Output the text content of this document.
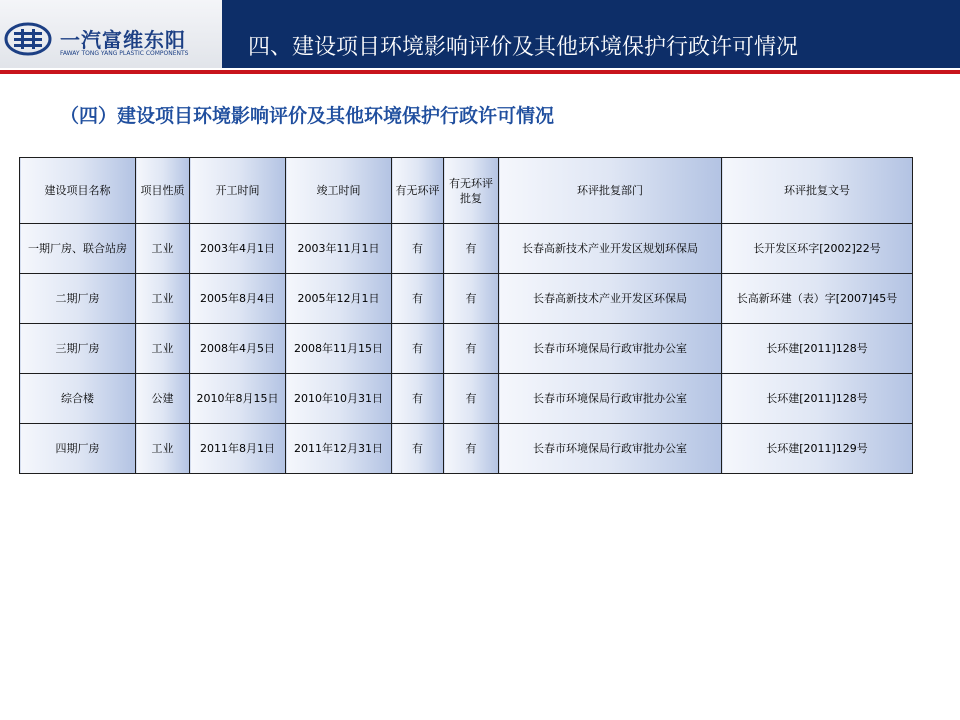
一汽富维东阳
FAWAY TONG YANG PLASTIC COMPONENTS	四、建设项目环境影响评价及其他环境保护行政许可情况
（四）建设项目环境影响评价及其他环境保护行政许可情况
建设项目名称	项目性质	开工时间	竣工时间	有无环评	有无环评批复	环评批复部门	环评批复文号
一期厂房、联合站房	工业	2003年4月1日	2003年11月1日	有	有	长春高新技术产业开发区规划环保局	长开发区环字[2002]22号
二期厂房	工业	2005年8月4日	2005年12月1日	有	有	长春高新技术产业开发区环保局	长高新环建（表）字[2007]45号
三期厂房	工业	2008年4月5日	2008年11月15日	有	有	长春市环境保局行政审批办公室	长环建[2011]128号
综合楼	公建	2010年8月15日	2010年10月31日	有	有	长春市环境保局行政审批办公室	长环建[2011]128号
四期厂房	工业	2011年8月1日	2011年12月31日	有	有	长春市环境保局行政审批办公室	长环建[2011]129号
